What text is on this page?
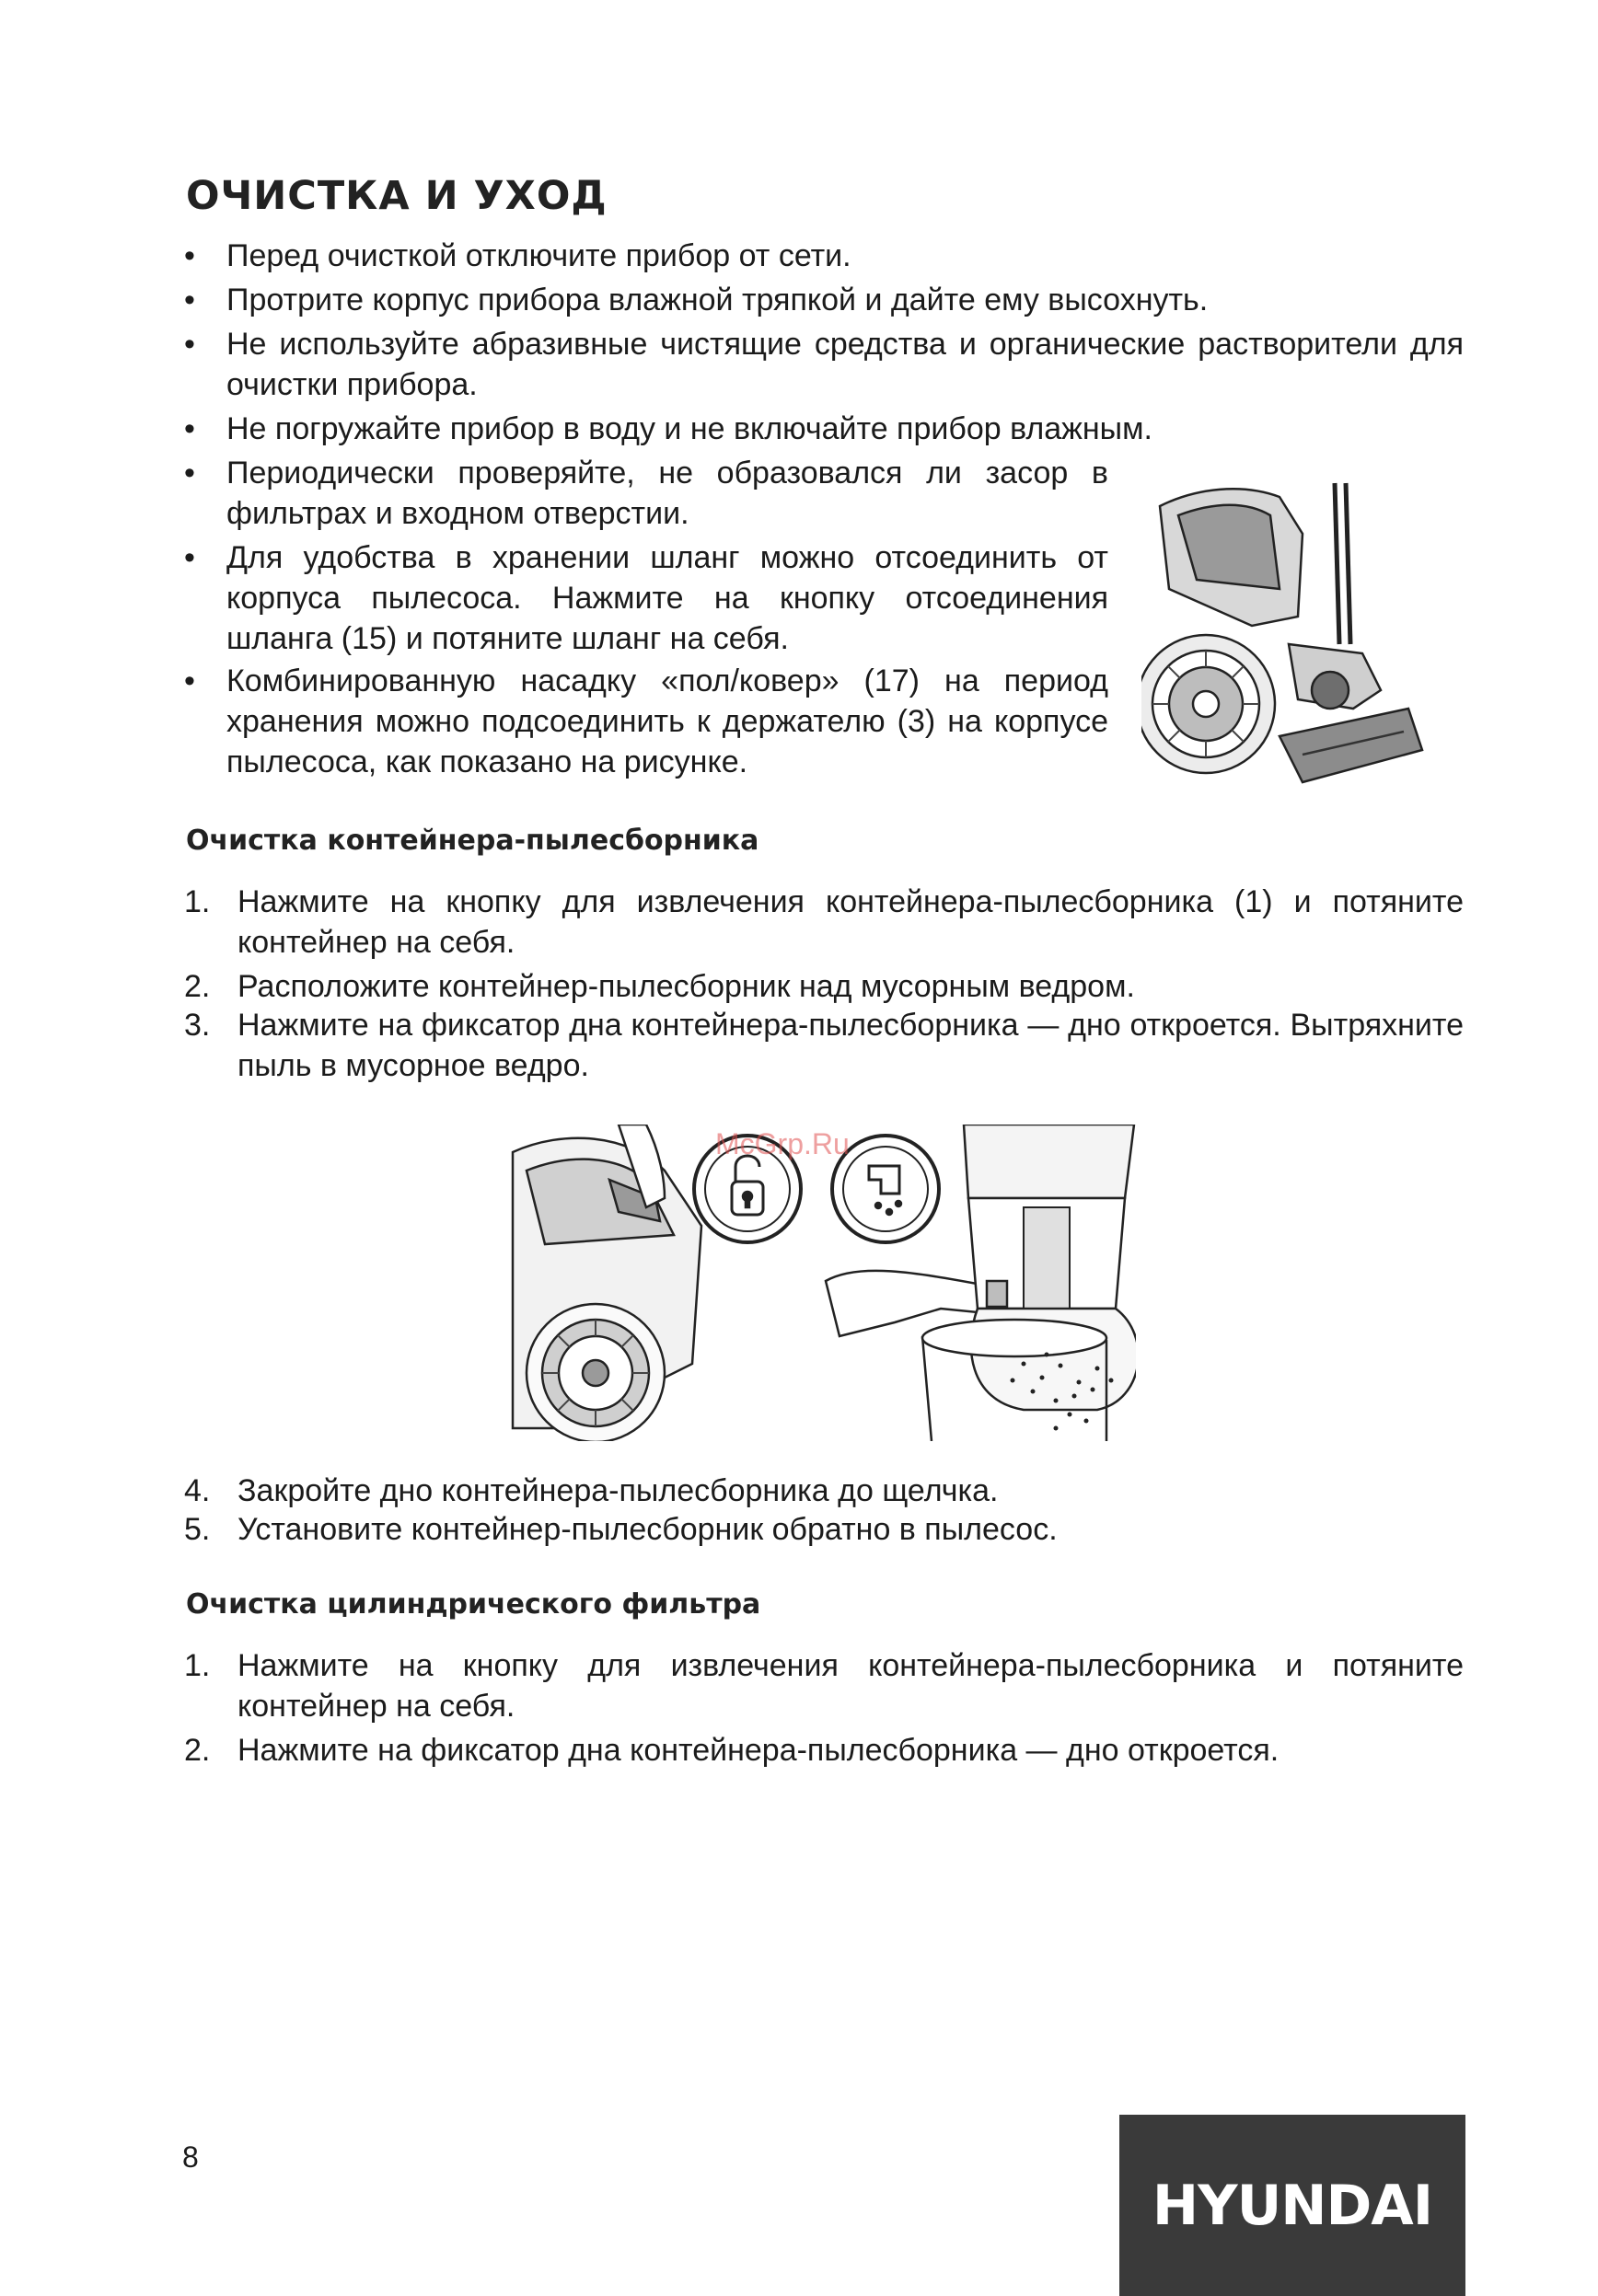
ОЧИСТКА И УХОД

• Перед очисткой отключите прибор от сети.

• Протрите корпус прибора влажной тряпкой и дайте ему высохнуть.

• Не используйте абразивные чистящие средства и органические растворители для очистки прибора.

• Не погружайте прибор в воду и не включайте прибор влажным.

• Периодически проверяйте, не образовался ли засор в фильтрах и входном отверстии.

• Для удобства в хранении шланг можно отсоединить от корпуса пылесоса. Нажмите на кнопку отсоединения шланга (15) и потяните шланг на себя.

• Комбинированную насадку «пол/ковер» (17) на период хранения можно подсоединить к держателю (3) на корпусе пылесоса, как показано на рисунке.

Очистка контейнера-пылесборника

1. Нажмите на кнопку для извлечения контейнера-пылесборника (1) и потяните контейнер на себя.

2. Расположите контейнер-пылесборник над мусорным ведром.

3. Нажмите на фиксатор дна контейнера-пылесборника — дно откроется. Вытряхните пыль в мусорное ведро.

McGrp.Ru

4. Закройте дно контейнера-пылесборника до щелчка.

5. Установите контейнер-пылесборник обратно в пылесос.

Очистка цилиндрического фильтра

1. Нажмите на кнопку для извлечения контейнера-пылесборника и потяните контейнер на себя.

2. Нажмите на фиксатор дна контейнера-пылесборника — дно откроется.

8

HYUNDAI
